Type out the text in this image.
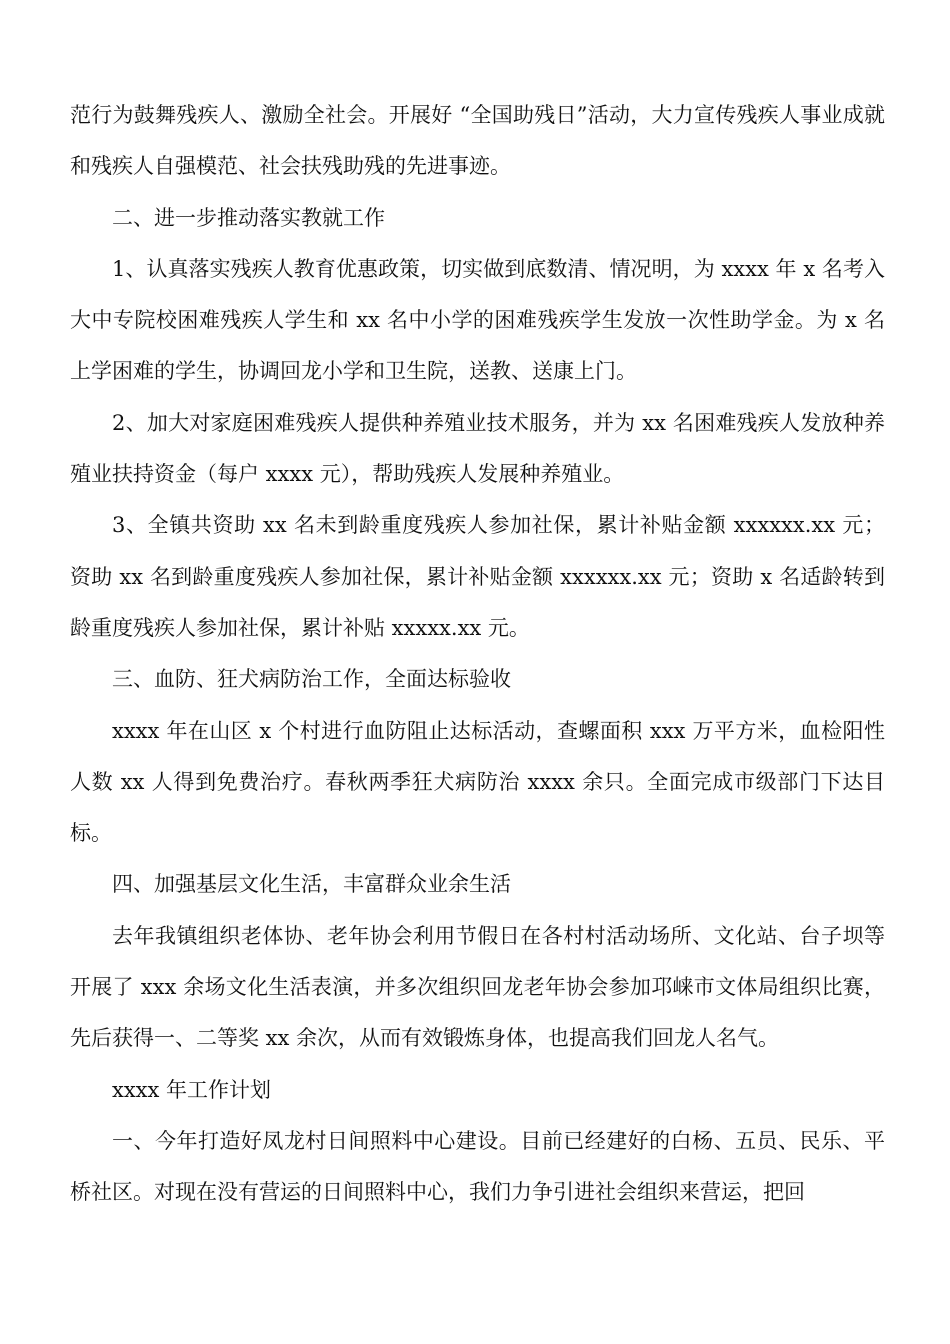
范行为鼓舞残疾人、激励全社会。开展好 “全国助残日”活动，大力宣传残疾人事业成就和残疾人自强模范、社会扶残助残的先进事迹。

二、进一步推动落实教就工作

1、认真落实残疾人教育优惠政策，切实做到底数清、情况明，为 xxxx 年 x 名考入大中专院校困难残疾人学生和 xx 名中小学的困难残疾学生发放一次性助学金。为 x 名上学困难的学生，协调回龙小学和卫生院，送教、送康上门。

2、加大对家庭困难残疾人提供种养殖业技术服务，并为 xx 名困难残疾人发放种养殖业扶持资金（每户 xxxx 元），帮助残疾人发展种养殖业。

3、全镇共资助 xx 名未到龄重度残疾人参加社保，累计补贴金额 xxxxxx.xx 元；资助 xx 名到龄重度残疾人参加社保，累计补贴金额 xxxxxx.xx 元；资助 x 名适龄转到龄重度残疾人参加社保，累计补贴 xxxxx.xx 元。

三、血防、狂犬病防治工作，全面达标验收

xxxx 年在山区 x 个村进行血防阻止达标活动，查螺面积 xxx 万平方米，血检阳性人数 xx 人得到免费治疗。春秋两季狂犬病防治 xxxx 余只。全面完成市级部门下达目标。

四、加强基层文化生活，丰富群众业余生活

去年我镇组织老体协、老年协会利用节假日在各村村活动场所、文化站、台子坝等开展了 xxx 余场文化生活表演，并多次组织回龙老年协会参加邛崃市文体局组织比赛，先后获得一、二等奖 xx 余次，从而有效锻炼身体，也提高我们回龙人名气。

xxxx 年工作计划

一、今年打造好凤龙村日间照料中心建设。目前已经建好的白杨、五员、民乐、平桥社区。对现在没有营运的日间照料中心，我们力争引进社会组织来营运，把回
